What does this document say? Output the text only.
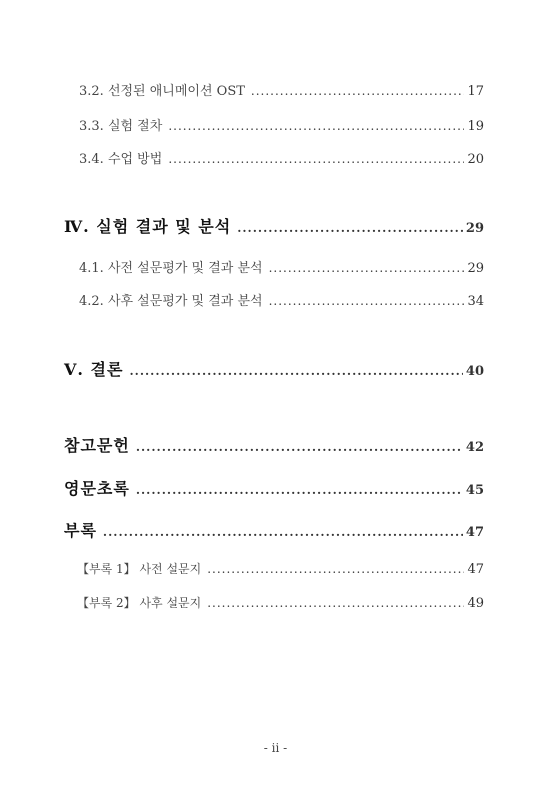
3.2. 선정된 애니메이션 OST .....	17
3.3. 실험 절차 .....	19
3.4. 수업 방법 .....	20
Ⅳ. 실험 결과 및 분석 .....	29
4.1. 사전 설문평가 및 결과 분석 .....	29
4.2. 사후 설문평가 및 결과 분석 .....	34
Ⅴ. 결론 .....	40
참고문헌 .....	42
영문초록 .....	45
부록 .....	47
【부록 1】 사전 설문지 .....	47
【부록 2】 사후 설문지 .....	49
- ii -
